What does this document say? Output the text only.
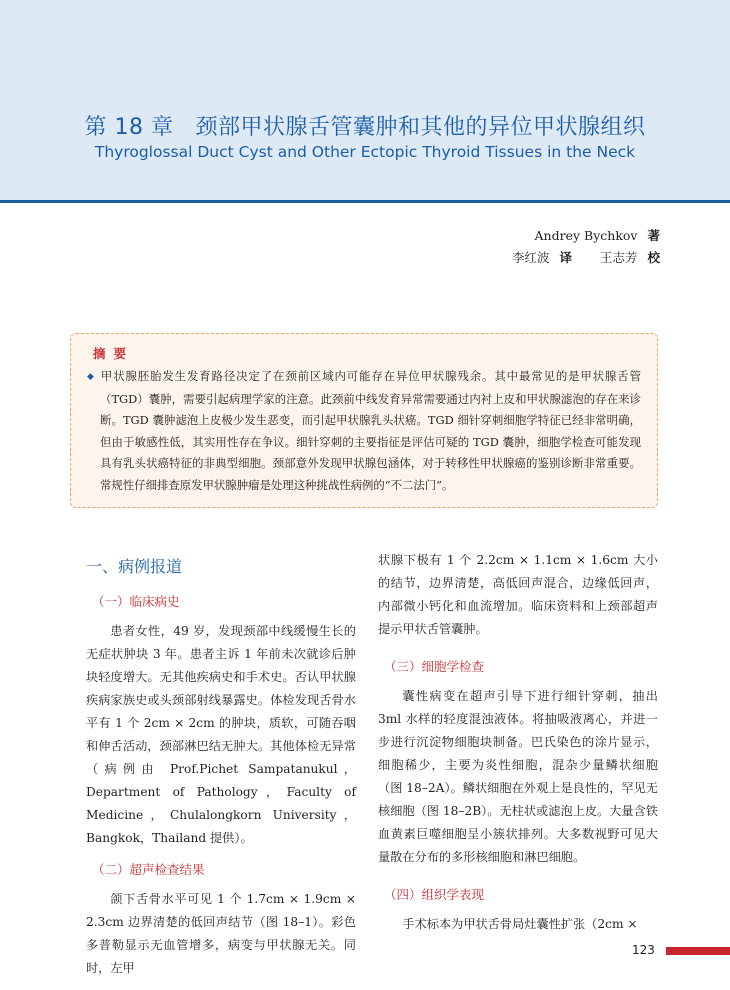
第 18 章 颈部甲状腺舌管囊肿和其他的异位甲状腺组织
Thyroglossal Duct Cyst and Other Ectopic Thyroid Tissues in the Neck
Andrey Bychkov 著
李红波 译 王志芳 校
摘要
◆ 甲状腺胚胎发生发育路径决定了在颈前区域内可能存在异位甲状腺残余。其中最常见的是甲状腺舌管（TGD）囊肿，需要引起病理学家的注意。此颈前中线发育异常需要通过内衬上皮和甲状腺滤泡的存在来诊断。TGD 囊肿滤泡上皮极少发生恶变，而引起甲状腺乳头状癌。TGD 细针穿刺细胞学特征已经非常明确，但由于敏感性低，其实用性存在争议。细针穿刺的主要指征是评估可疑的 TGD 囊肿，细胞学检查可能发现具有乳头状癌特征的非典型细胞。颈部意外发现甲状腺包涵体，对于转移性甲状腺癌的鉴别诊断非常重要。常规性仔细排查原发甲状腺肿瘤是处理这种挑战性病例的“不二法门”。
一、病例报道
（一）临床病史

患者女性，49 岁，发现颈部中线缓慢生长的无症状肿块 3 年。患者主诉 1 年前未次就诊后肿块轻度增大。无其他疾病史和手术史。否认甲状腺疾病家族史或头颈部射线暴露史。体检发现舌骨水平有 1 个 2cm × 2cm 的肿块，质软，可随吞咽和伸舌活动，颈部淋巴结无肿大。其他体检无异常（病例由 Prof.Pichet Sampatanukul，Department of Pathology，Faculty of Medicine，Chulalongkorn University，Bangkok，Thailand 提供）。

（二）超声检查结果

颌下舌骨水平可见 1 个 1.7cm × 1.9cm × 2.3cm 边界清楚的低回声结节（图 18–1）。彩色多普勒显示无血管增多，病变与甲状腺无关。同时，左甲

状腺下极有 1 个 2.2cm × 1.1cm × 1.6cm 大小的结节，边界清楚，高低回声混合，边缘低回声，内部微小钙化和血流增加。临床资料和上颈部超声提示甲状舌管囊肿。

（三）细胞学检查

囊性病变在超声引导下进行细针穿刺，抽出 3ml 水样的轻度混浊液体。将抽吸液离心，并进一步进行沉淀物细胞块制备。巴氏染色的涂片显示，细胞稀少，主要为炎性细胞，混杂少量鳞状细胞（图 18–2A）。鳞状细胞在外观上是良性的，罕见无核细胞（图 18–2B）。无柱状或滤泡上皮。大量含铁血黄素巨噬细胞呈小簇状排列。大多数视野可见大量散在分布的多形核细胞和淋巴细胞。

（四）组织学表现

手术标本为甲状舌骨局灶囊性扩张（2cm ×

123
